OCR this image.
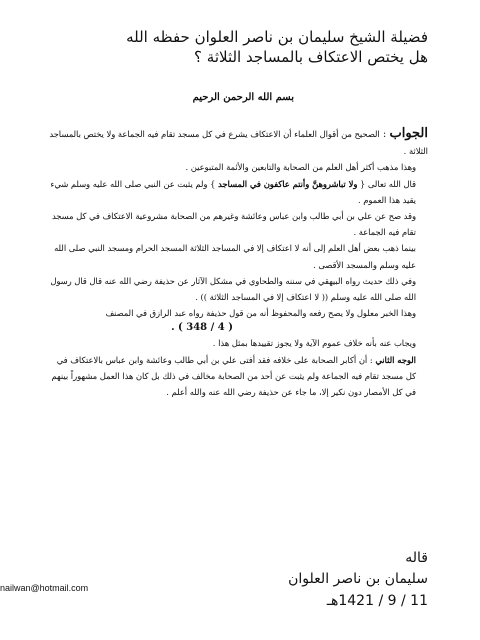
فضيلة الشيخ سليمان بن ناصر العلوان حفظه الله
هل يختص الاعتكاف بالمساجد الثلاثة ؟
بسم الله الرحمن الرحيم

الجواب : الصحيح من أقوال العلماء أن الاعتكاف يشرع في كل مسجد تقام فيه الجماعة ولا يختص بالمساجد الثلاثة .

وهذا مذهب أكثر أهل العلم من الصحابة والتابعين والأئمة المتبوعين .

قال الله تعالى { ولا تباشروهنَّ وأنتم عاكفون في المساجد } ولم يثبت عن النبي صلى الله عليه وسلم شيء يقيد هذا العموم .

وقد صح عن علي بن أبي طالب وابن عباس وعائشة وغيرهم من الصحابة مشروعية الاعتكاف في كل مسجد تقام فيه الجماعة .

بينما ذهب بعض أهل العلم إلى أنه لا اعتكاف إلا في المساجد الثلاثة المسجد الحرام ومسجد النبي صلى الله عليه وسلم والمسجد الأقصى .

وفي ذلك حديث رواه البيهقي في سننه والطحاوي في مشكل الآثار عن حذيفة رضي الله عنه قال قال رسول الله صلى الله عليه وسلم (( لا اعتكاف إلا في المساجد الثلاثة )) .

وهذا الخبر معلول ولا يصح رفعه والمحفوظ أنه من قول حذيفة رواه عبد الرازق في المصنف
( 4 / 348 ) .

ويجاب عنه بأنه خلاف عموم الآية ولا يجوز تقييدها بمثل هذا .

الوجه الثاني : أن أكابر الصحابة على خلافه فقد أفتى علي بن أبي طالب وعائشة وابن عباس بالاعتكاف في كل مسجد تقام فيه الجماعة ولم يثبت عن أحد من الصحابة مخالف في ذلك بل كان هذا العمل مشهوراً بينهم في كل الأمصار دون نكير إلا، ما جاء عن حذيفة رضي الله عنه والله أعلم .

قاله
سليمان بن ناصر العلوان
11 / 9 / 1421هـ
nailwan@hotmail.com
